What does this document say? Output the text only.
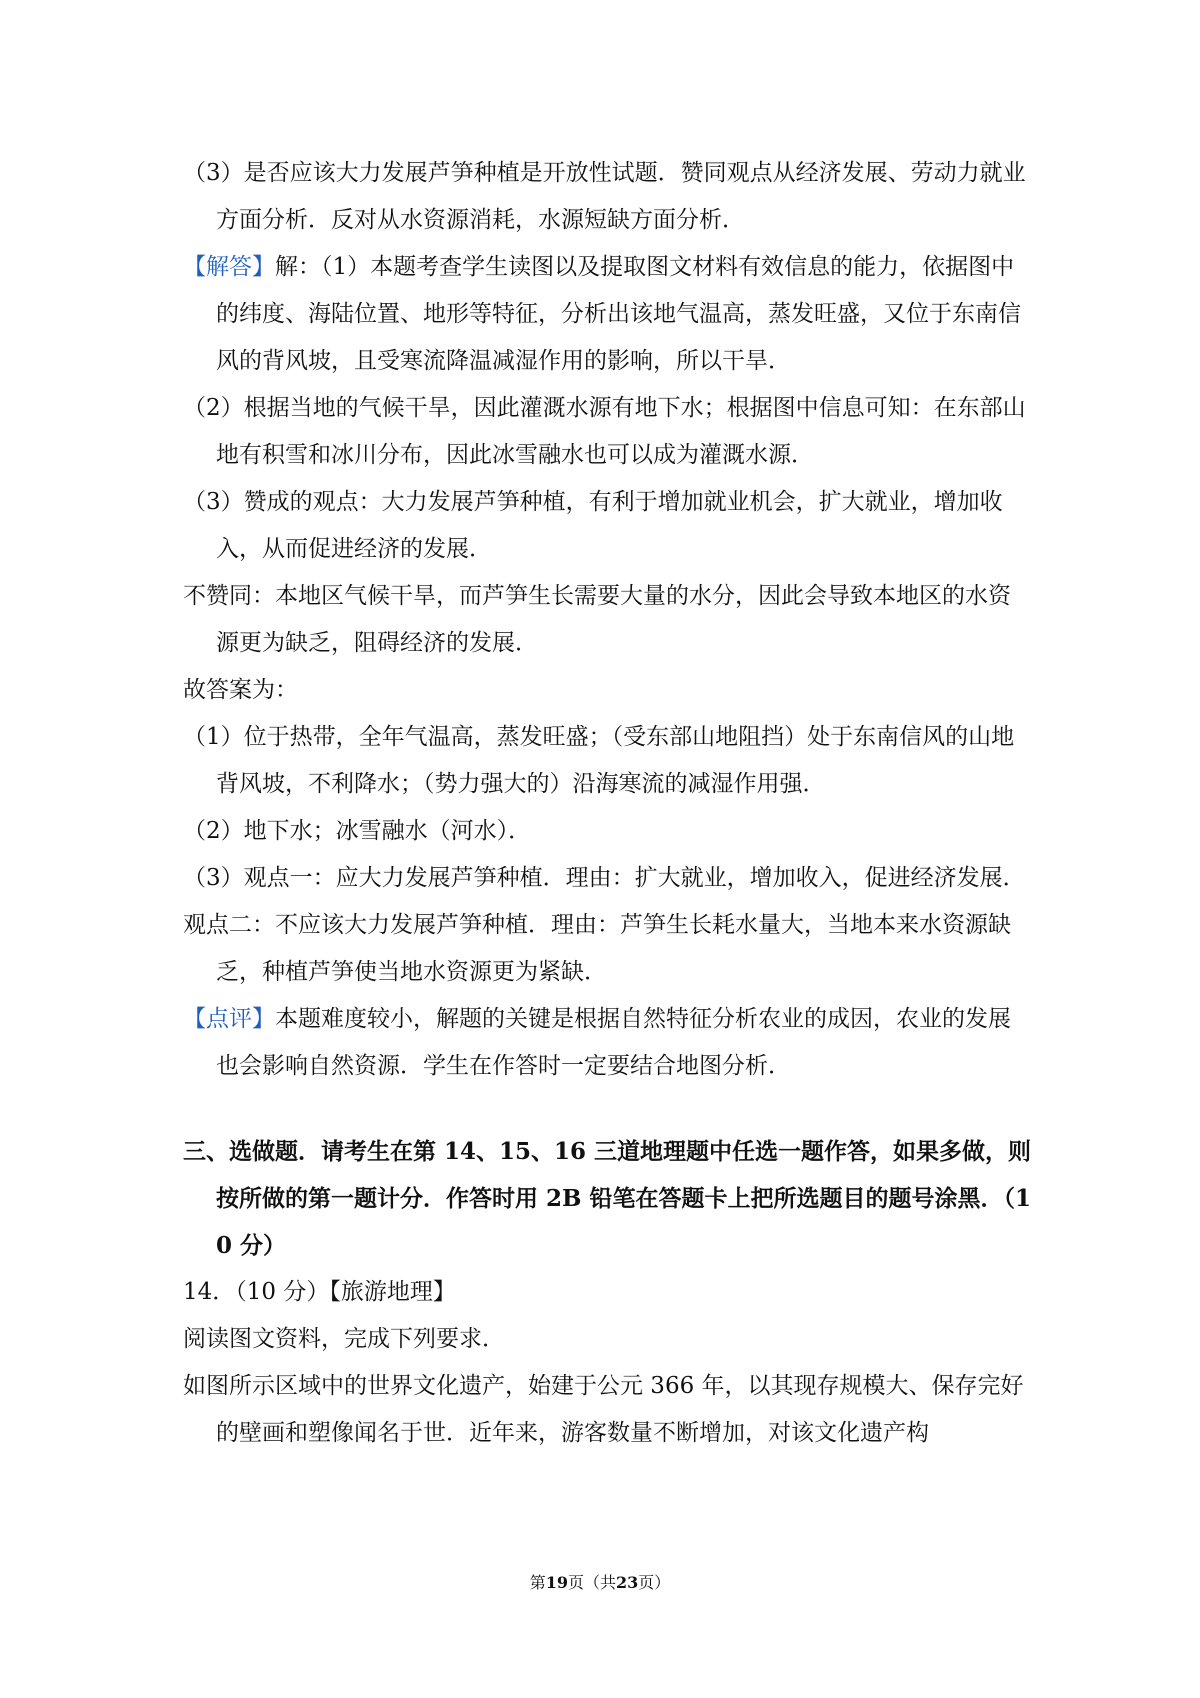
（3）是否应该大力发展芦笋种植是开放性试题．赞同观点从经济发展、劳动力就业方面分析．反对从水资源消耗，水源短缺方面分析．

【解答】解：（1）本题考查学生读图以及提取图文材料有效信息的能力，依据图中的纬度、海陆位置、地形等特征，分析出该地气温高，蒸发旺盛，又位于东南信风的背风坡，且受寒流降温减湿作用的影响，所以干旱．

（2）根据当地的气候干旱，因此灌溉水源有地下水；根据图中信息可知：在东部山地有积雪和冰川分布，因此冰雪融水也可以成为灌溉水源．

（3）赞成的观点：大力发展芦笋种植，有利于增加就业机会，扩大就业，增加收入，从而促进经济的发展．

不赞同：本地区气候干旱，而芦笋生长需要大量的水分，因此会导致本地区的水资源更为缺乏，阻碍经济的发展．

故答案为：

（1）位于热带，全年气温高，蒸发旺盛；（受东部山地阻挡）处于东南信风的山地背风坡，不利降水；（势力强大的）沿海寒流的减湿作用强．

（2）地下水；冰雪融水（河水）．

（3）观点一：应大力发展芦笋种植．理由：扩大就业，增加收入，促进经济发展．

观点二：不应该大力发展芦笋种植．理由：芦笋生长耗水量大，当地本来水资源缺乏，种植芦笋使当地水资源更为紧缺．

【点评】本题难度较小，解题的关键是根据自然特征分析农业的成因，农业的发展也会影响自然资源．学生在作答时一定要结合地图分析．

三、选做题．请考生在第 14、15、16 三道地理题中任选一题作答，如果多做，则按所做的第一题计分．作答时用 2B 铅笔在答题卡上把所选题目的题号涂黑．（10 分）

14．（10 分）【旅游地理】

阅读图文资料，完成下列要求．

如图所示区域中的世界文化遗产，始建于公元 366 年，以其现存规模大、保存完好的壁画和塑像闻名于世．近年来，游客数量不断增加，对该文化遗产构

第19页（共23页）
